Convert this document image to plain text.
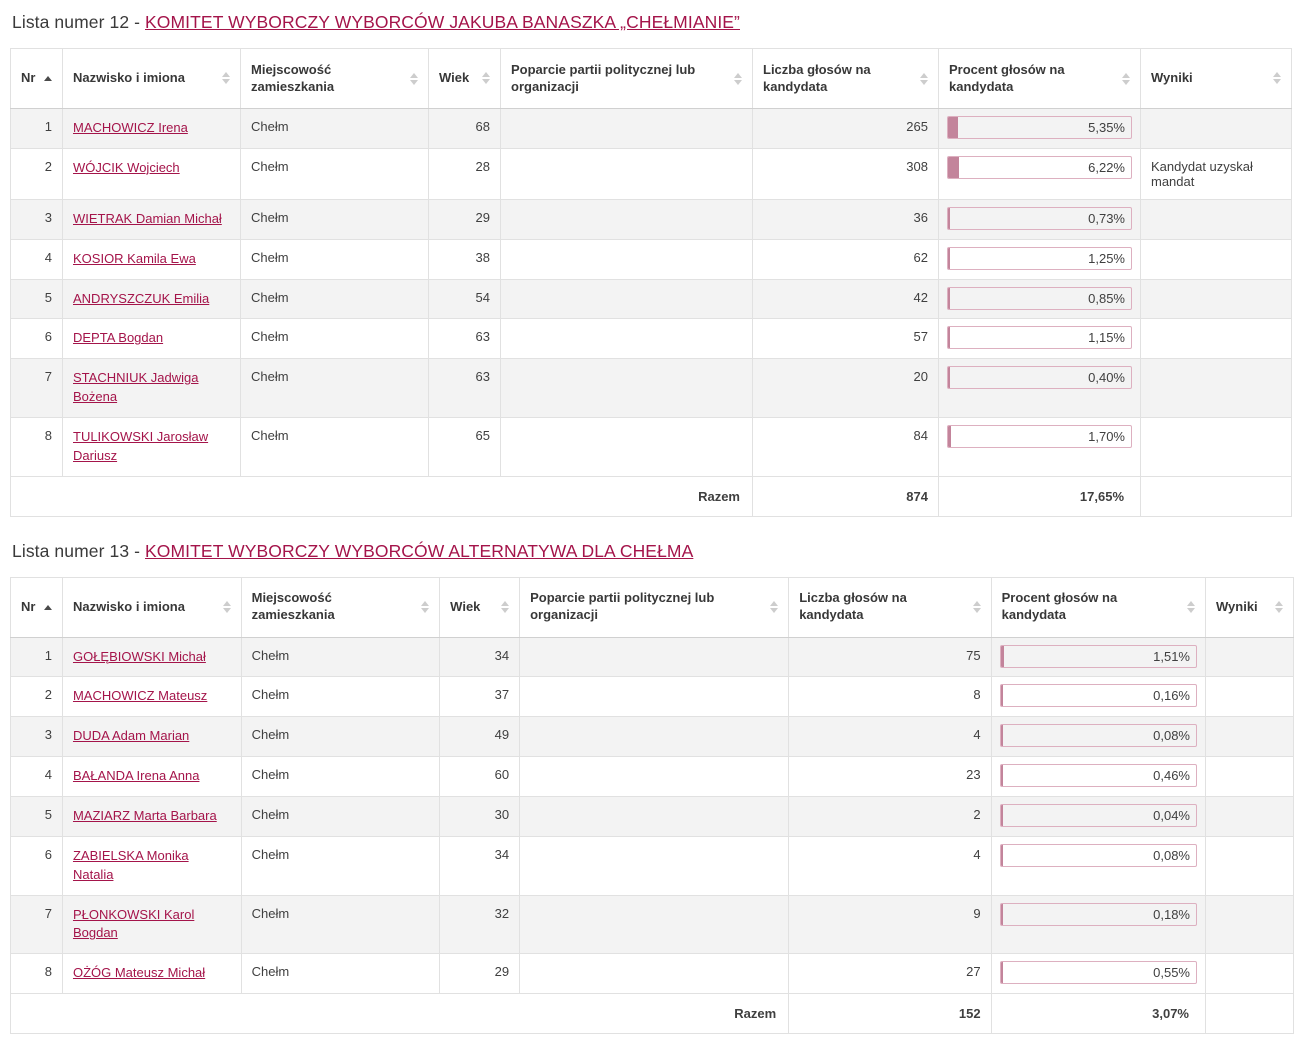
Lista numer 12 - KOMITET WYBORCZY WYBORCÓW JAKUBA BANASZKA „CHEŁMIANIE”
Nr	Nazwisko i imiona	Miejscowość zamieszkania	Wiek	Poparcie partii politycznej lub organizacji	Liczba głosów na kandydata	Procent głosów na kandydata	Wyniki

1	MACHOWICZ Irena	Chełm	68		265	5,35%	

2	WÓJCIK Wojciech	Chełm	28		308	6,22%	Kandydat uzyskał mandat
3	WIETRAK Damian Michał	Chełm	29		36	0,73%	

4	KOSIOR Kamila Ewa	Chełm	38		62	1,25%	

5	ANDRYSZCZUK Emilia	Chełm	54		42	0,85%	

6	DEPTA Bogdan	Chełm	63		57	1,15%	

7	STACHNIUK Jadwiga Bożena	Chełm	63		20	0,40%	

8	TULIKOWSKI Jarosław Dariusz	Chełm	65		84	1,70%	

Razem					874	17,65%	
Lista numer 13 - KOMITET WYBORCZY WYBORCÓW ALTERNATYWA DLA CHEŁMA
Nr	Nazwisko i imiona	Miejscowość zamieszkania	Wiek	Poparcie partii politycznej lub organizacji	Liczba głosów na kandydata	Procent głosów na kandydata	Wyniki

1	GOŁĘBIOWSKI Michał	Chełm	34		75	1,51%	

2	MACHOWICZ Mateusz	Chełm	37		8	0,16%	

3	DUDA Adam Marian	Chełm	49		4	0,08%	

4	BAŁANDA Irena Anna	Chełm	60		23	0,46%	

5	MAZIARZ Marta Barbara	Chełm	30		2	0,04%	

6	ZABIELSKA Monika Natalia	Chełm	34		4	0,08%	

7	PŁONKOWSKI Karol Bogdan	Chełm	32		9	0,18%	

8	OŻÓG Mateusz Michał	Chełm	29		27	0,55%	

Razem					152	3,07%	
